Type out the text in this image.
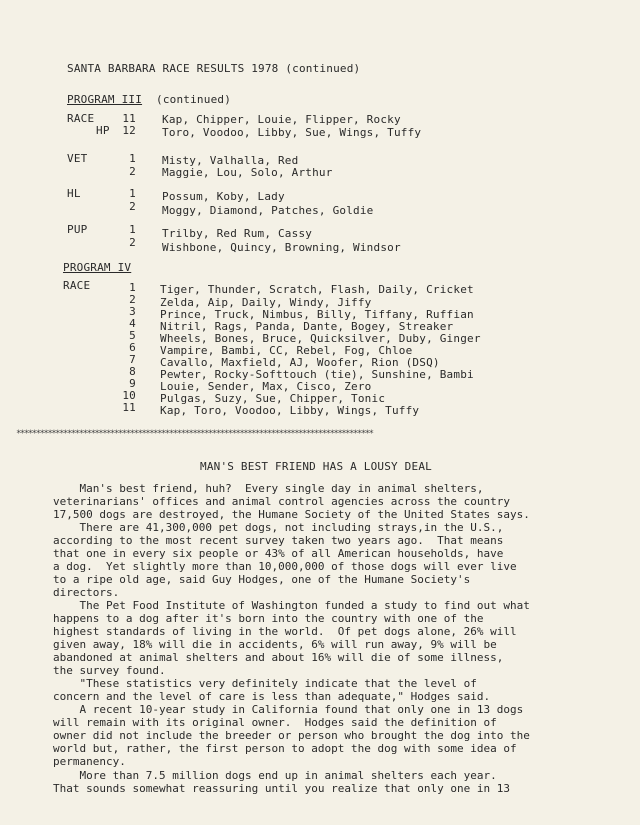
SANTA BARBARA RACE RESULTS 1978 (continued)
PROGRAM III (continued)
RACE	11 Kap, Chipper, Louie, Flipper, Rocky
HP	12 Toro, Voodoo, Libby, Sue, Wings, Tuffy
VET	1 Misty, Valhalla, Red
2 Maggie, Lou, Solo, Arthur
HL	1 Possum, Koby, Lady
2 Moggy, Diamond, Patches, Goldie
PUP	1 Trilby, Red Rum, Cassy
2 Wishbone, Quincy, Browning, Windsor
PROGRAM IV
RACE	1 Tiger, Thunder, Scratch, Flash, Daily, Cricket
2 Zelda, Aip, Daily, Windy, Jiffy
3 Prince, Truck, Nimbus, Billy, Tiffany, Ruffian
4 Nitril, Rags, Panda, Dante, Bogey, Streaker
5 Wheels, Bones, Bruce, Quicksilver, Duby, Ginger
6 Vampire, Bambi, CC, Rebel, Fog, Chloe
7 Cavallo, Maxfield, AJ, Woofer, Rion (DSQ)
8 Pewter, Rocky-Softtouch (tie), Sunshine, Bambi
9 Louie, Sender, Max, Cisco, Zero
10 Pulgas, Suzy, Sue, Chipper, Tonic
11 Kap, Toro, Voodoo, Libby, Wings, Tuffy
*******************************************************************************************
MAN'S BEST FRIEND HAS A LOUSY DEAL
Man's best friend, huh?  Every single day in animal shelters,
veterinarians' offices and animal control agencies across the country
17,500 dogs are destroyed, the Humane Society of the United States says.
There are 41,300,000 pet dogs, not including strays,in the U.S.,
according to the most recent survey taken two years ago.  That means
that one in every six people or 43% of all American households, have
a dog.  Yet slightly more than 10,000,000 of those dogs will ever live
to a ripe old age, said Guy Hodges, one of the Humane Society's
directors.
The Pet Food Institute of Washington funded a study to find out what
happens to a dog after it's born into the country with one of the
highest standards of living in the world.  Of pet dogs alone, 26% will
given away, 18% will die in accidents, 6% will run away, 9% will be
abandoned at animal shelters and about 16% will die of some illness,
the survey found.
"These statistics very definitely indicate that the level of
concern and the level of care is less than adequate," Hodges said.
A recent 10-year study in California found that only one in 13 dogs
will remain with its original owner.  Hodges said the definition of
owner did not include the breeder or person who brought the dog into the
world but, rather, the first person to adopt the dog with some idea of
permanency.
More than 7.5 million dogs end up in animal shelters each year.
That sounds somewhat reassuring until you realize that only one in 13
